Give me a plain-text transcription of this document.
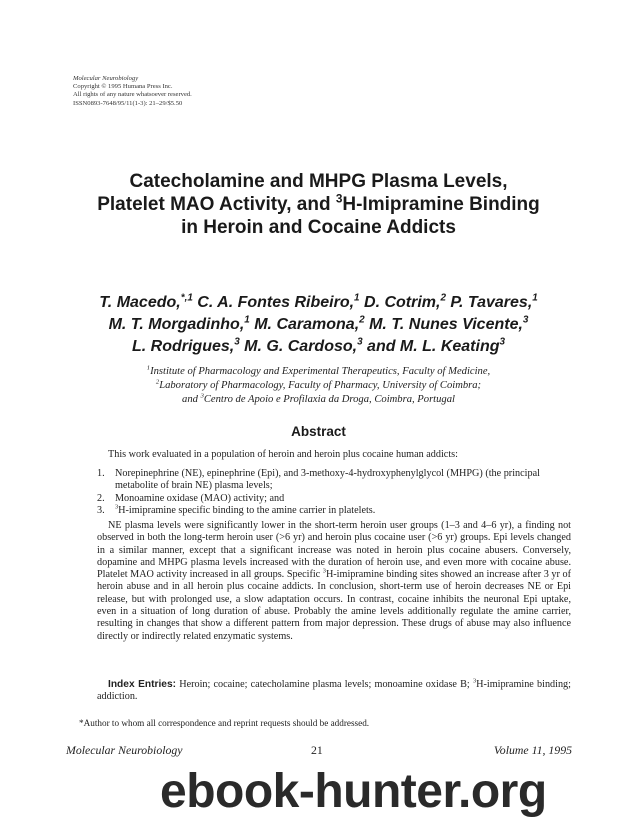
Molecular Neurobiology
Copyright © 1995 Humana Press Inc.
All rights of any nature whatsoever reserved.
ISSN0893-7648/95/11(1-3): 21–29/$5.50
Catecholamine and MHPG Plasma Levels,
Platelet MAO Activity, and $^3$H-Imipramine Binding
in Heroin and Cocaine Addicts
T. Macedo,$^{*,1}$ C. A. Fontes Ribeiro,$^1$ D. Cotrim,$^2$ P. Tavares,$^1$
M. T. Morgadinho,$^1$ M. Caramona,$^2$ M. T. Nunes Vicente,$^3$
L. Rodrigues,$^3$ M. G. Cardoso,$^3$ and M. L. Keating$^3$
$^1$Institute of Pharmacology and Experimental Therapeutics, Faculty of Medicine,
$^2$Laboratory of Pharmacology, Faculty of Pharmacy, University of Coimbra;
and $^3$Centro de Apoio e Profilaxia da Droga, Coimbra, Portugal
Abstract
This work evaluated in a population of heroin and heroin plus cocaine human addicts:
1.	Norepinephrine (NE), epinephrine (Epi), and 3-methoxy-4-hydroxyphenylglycol (MHPG) (the principal metabolite of brain NE) plasma levels;
2.	Monoamine oxidase (MAO) activity; and
3.	$^3$H-imipramine specific binding to the amine carrier in platelets.
NE plasma levels were significantly lower in the short-term heroin user groups (1–3 and 4–6 yr), a finding not observed in both the long-term heroin user (>6 yr) and heroin plus cocaine user (>6 yr) groups. Epi levels changed in a similar manner, except that a significant increase was noted in heroin plus cocaine abusers. Conversely, dopamine and MHPG plasma levels increased with the duration of heroin use, and even more with cocaine abuse. Platelet MAO activity increased in all groups. Specific $^3$H-imipramine binding sites showed an increase after 3 yr of heroin abuse and in all heroin plus cocaine addicts. In conclusion, short-term use of heroin decreases NE or Epi release, but with prolonged use, a slow adaptation occurs. In contrast, cocaine inhibits the neuronal Epi uptake, even in a situation of long duration of abuse. Probably the amine levels additionally regulate the amine carrier, resulting in changes that show a different pattern from major depression. These drugs of abuse may also influence directly or indirectly related enzymatic systems.
Index Entries: Heroin; cocaine; catecholamine plasma levels; monoamine oxidase B; $^3$H-imipramine binding; addiction.
*Author to whom all correspondence and reprint requests should be addressed.
Molecular Neurobiology	21	Volume 11, 1995
ebook-hunter.org
